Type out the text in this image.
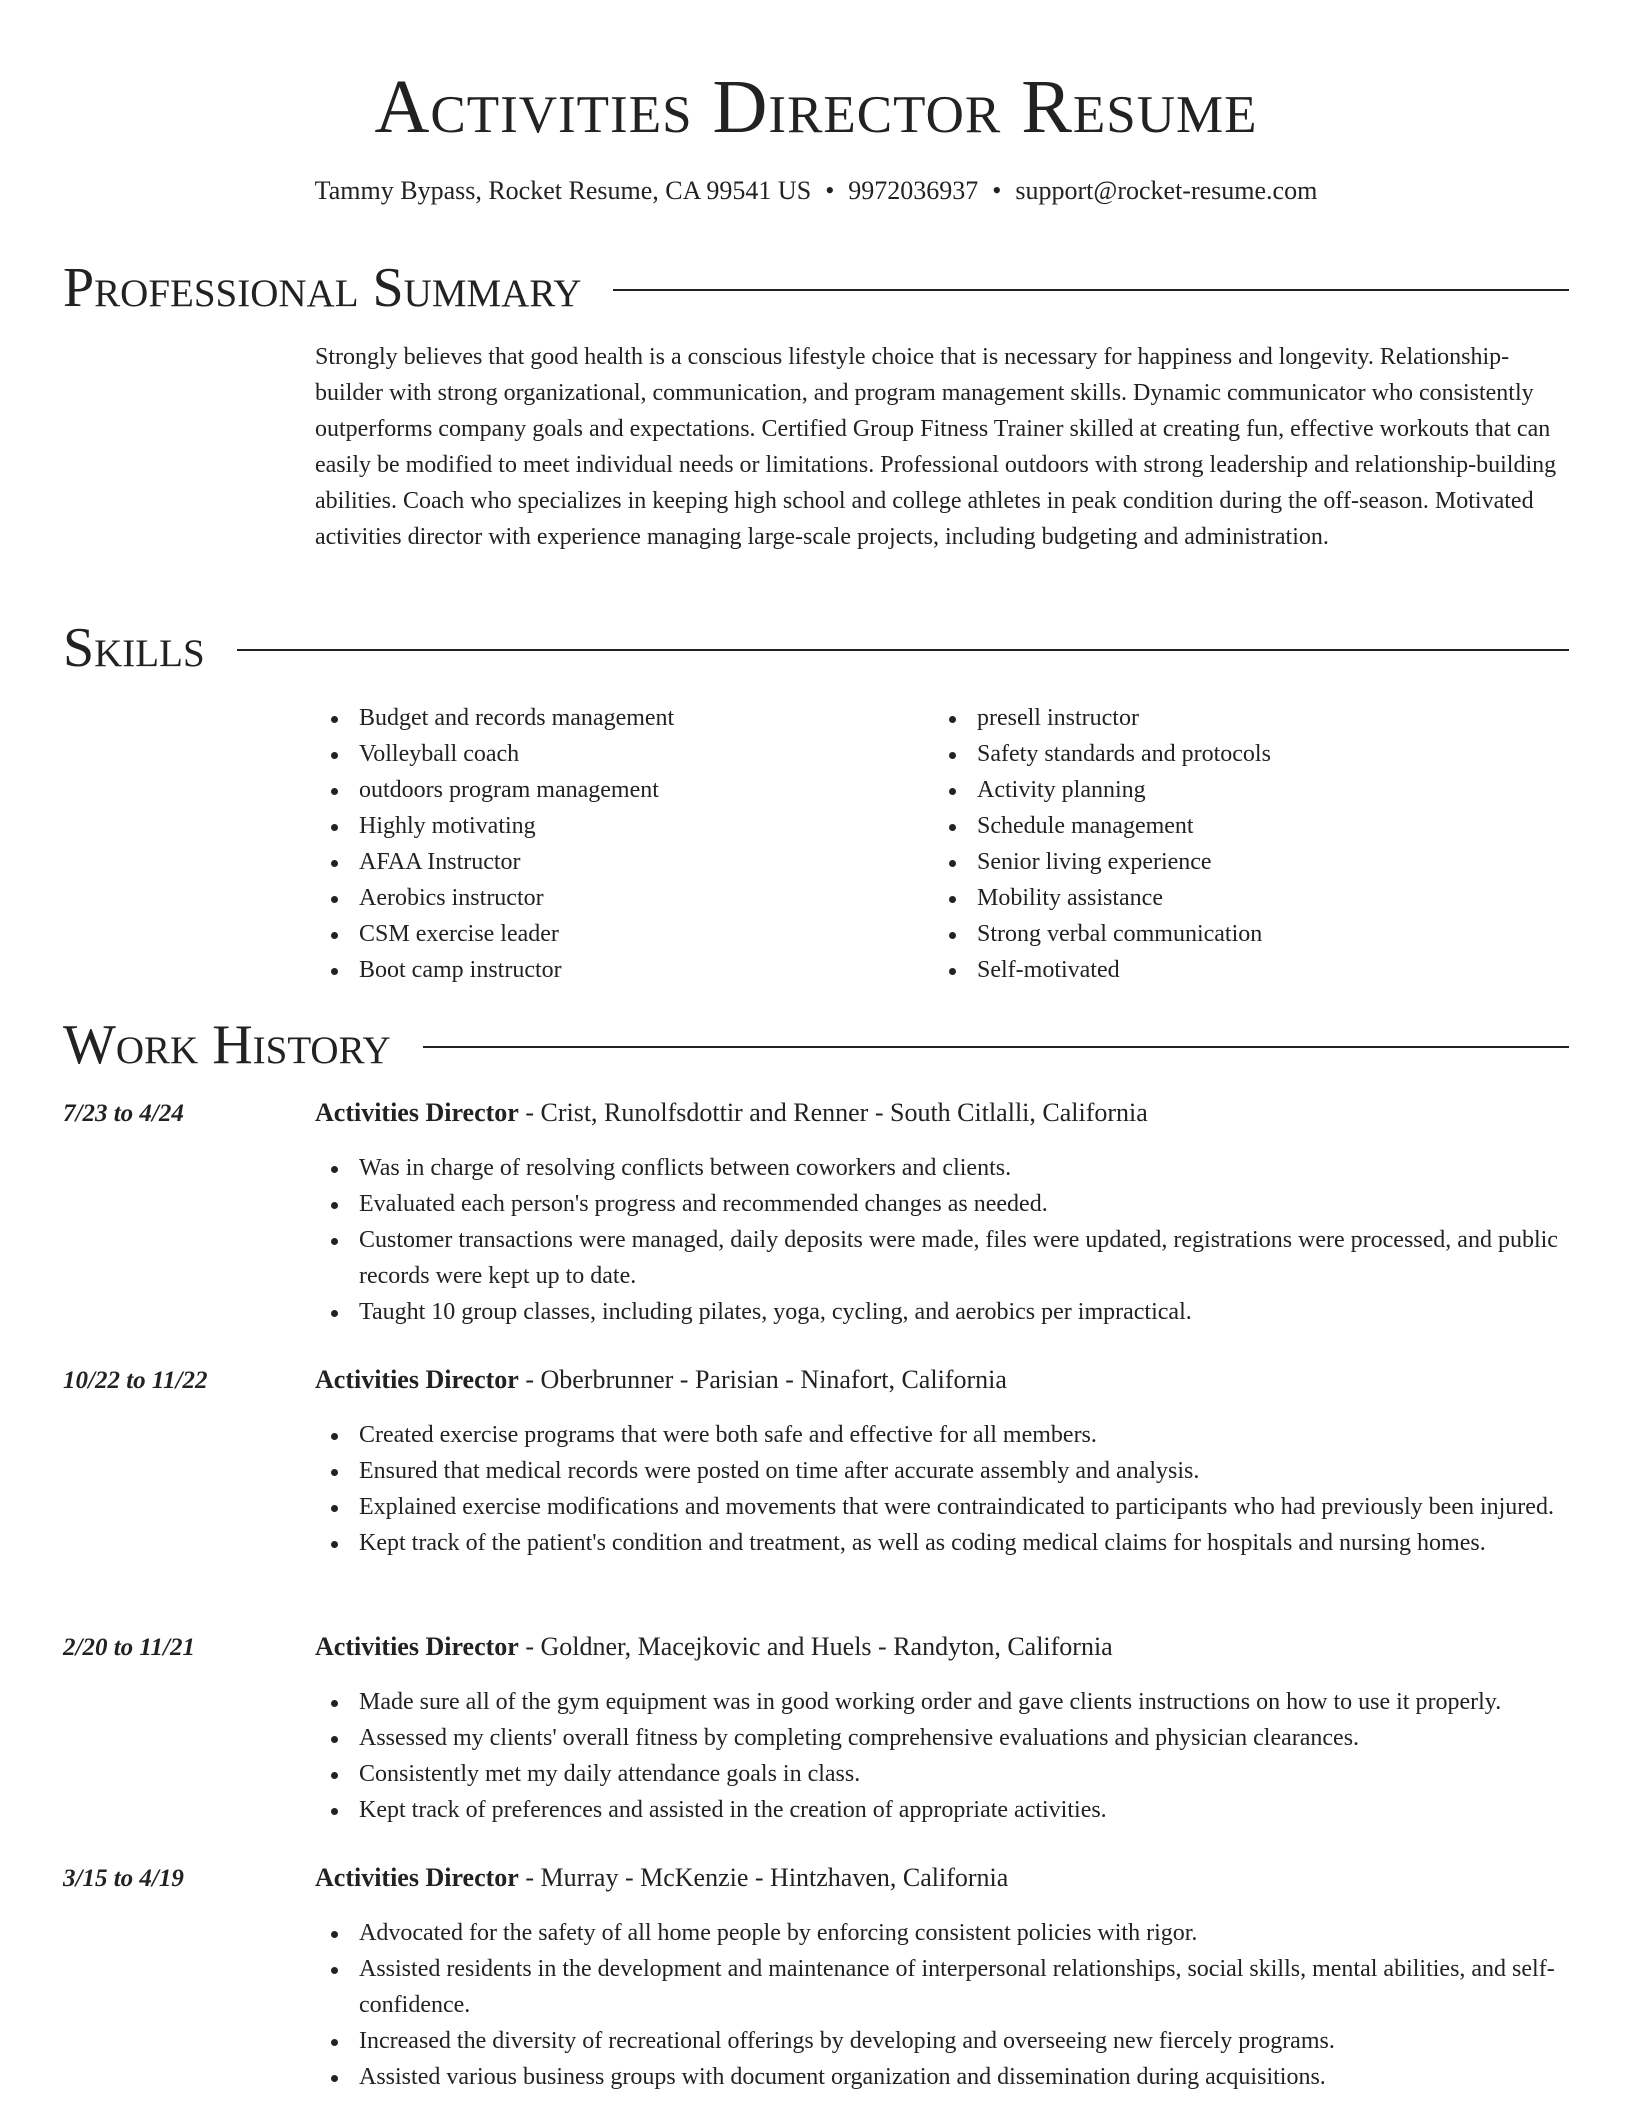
Activities Director Resume
Tammy Bypass, Rocket Resume, CA 99541 US • 9972036937 • support@rocket-resume.com
Professional Summary

Strongly believes that good health is a conscious lifestyle choice that is necessary for happiness and longevity. Relationship-builder with strong organizational, communication, and program management skills. Dynamic communicator who consistently outperforms company goals and expectations. Certified Group Fitness Trainer skilled at creating fun, effective workouts that can easily be modified to meet individual needs or limitations. Professional outdoors with strong leadership and relationship-building abilities. Coach who specializes in keeping high school and college athletes in peak condition during the off-season. Motivated activities director with experience managing large-scale projects, including budgeting and administration.

Skills
Budget and records management
Volleyball coach
outdoors program management
Highly motivating
AFAA Instructor
Aerobics instructor
CSM exercise leader
Boot camp instructor
presell instructor
Safety standards and protocols
Activity planning
Schedule management
Senior living experience
Mobility assistance
Strong verbal communication
Self-motivated
Work History
7/23 to 4/24	Activities Director - Crist, Runolfsdottir and Renner - South Citlalli, California
Was in charge of resolving conflicts between coworkers and clients.
Evaluated each person's progress and recommended changes as needed.
Customer transactions were managed, daily deposits were made, files were updated, registrations were processed, and public records were kept up to date.
Taught 10 group classes, including pilates, yoga, cycling, and aerobics per impractical.
10/22 to 11/22	Activities Director - Oberbrunner - Parisian - Ninafort, California
Created exercise programs that were both safe and effective for all members.
Ensured that medical records were posted on time after accurate assembly and analysis.
Explained exercise modifications and movements that were contraindicated to participants who had previously been injured.
Kept track of the patient's condition and treatment, as well as coding medical claims for hospitals and nursing homes.
2/20 to 11/21	Activities Director - Goldner, Macejkovic and Huels - Randyton, California
Made sure all of the gym equipment was in good working order and gave clients instructions on how to use it properly.
Assessed my clients' overall fitness by completing comprehensive evaluations and physician clearances.
Consistently met my daily attendance goals in class.
Kept track of preferences and assisted in the creation of appropriate activities.
3/15 to 4/19	Activities Director - Murray - McKenzie - Hintzhaven, California
Advocated for the safety of all home people by enforcing consistent policies with rigor.
Assisted residents in the development and maintenance of interpersonal relationships, social skills, mental abilities, and self-confidence.
Increased the diversity of recreational offerings by developing and overseeing new fiercely programs.
Assisted various business groups with document organization and dissemination during acquisitions.
